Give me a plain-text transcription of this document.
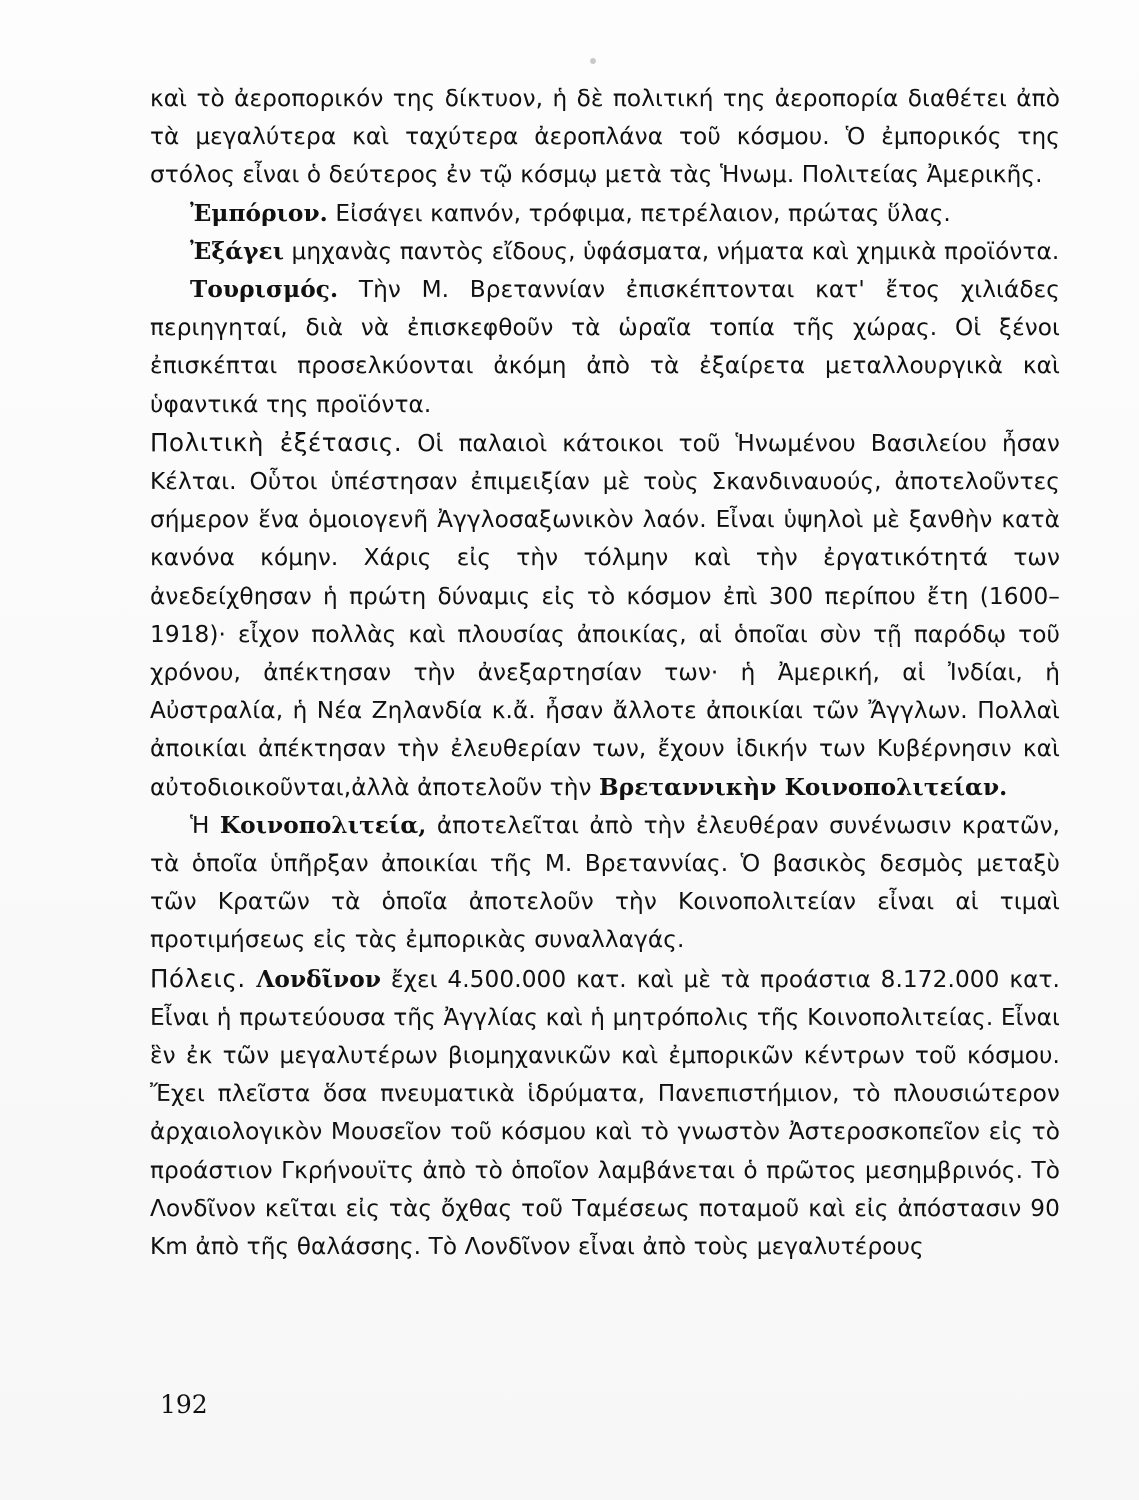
καὶ τὸ ἀεροπορικόν της δίκτυον, ἡ δὲ πολιτική της ἀεροπορία διαθέτει ἀπὸ τὰ μεγαλύτερα καὶ ταχύτερα ἀεροπλάνα τοῦ κόσμου. Ὁ ἐμπορικός της στόλος εἶναι ὁ δεύτερος ἐν τῷ κόσμῳ μετὰ τὰς Ἡνωμ. Πολιτείας Ἀμερικῆς.

Ἐμπόριον. Εἰσάγει καπνόν, τρόφιμα, πετρέλαιον, πρώτας ὕλας.

Ἐξάγει μηχανὰς παντὸς εἴδους, ὑφάσματα, νήματα καὶ χημικὰ προϊόντα.

Τουρισμός. Τὴν Μ. Βρεταννίαν ἐπισκέπτονται κατ' ἔτος χιλιάδες περιηγηταί, διὰ νὰ ἐπισκεφθοῦν τὰ ὡραῖα τοπία τῆς χώρας. Οἱ ξένοι ἐπισκέπται προσελκύονται ἀκόμη ἀπὸ τὰ ἐξαίρετα μεταλλουργικὰ καὶ ὑφαντικά της προϊόντα.

Πολιτικὴ ἐξέτασις. Οἱ παλαιοὶ κάτοικοι τοῦ Ἡνωμένου Βασιλείου ἦσαν Κέλται. Οὗτοι ὑπέστησαν ἐπιμειξίαν μὲ τοὺς Σκανδιναυούς, ἀποτελοῦντες σήμερον ἕνα ὁμοιογενῆ Ἀγγλοσαξωνικὸν λαόν. Εἶναι ὑψηλοὶ μὲ ξανθὴν κατὰ κανόνα κόμην. Χάρις εἰς τὴν τόλμην καὶ τὴν ἐργατικότητά των ἀνεδείχθησαν ἡ πρώτη δύναμις εἰς τὸ κόσμον ἐπὶ 300 περίπου ἔτη (1600–1918)· εἶχον πολλὰς καὶ πλουσίας ἀποικίας, αἱ ὁποῖαι σὺν τῇ παρόδῳ τοῦ χρόνου, ἀπέκτησαν τὴν ἀνεξαρτησίαν των· ἡ Ἀμερική, αἱ Ἰνδίαι, ἡ Αὐστραλία, ἡ Νέα Ζηλανδία κ.ἄ. ἦσαν ἄλλοτε ἀποικίαι τῶν Ἄγγλων. Πολλαὶ ἀποικίαι ἀπέκτησαν τὴν ἐλευθερίαν των, ἔχουν ἰδικήν των Κυβέρνησιν καὶ αὐτοδιοικοῦνται,ἀλλὰ ἀποτελοῦν τὴν Βρεταννικὴν Κοινοπολιτείαν.

Ἡ Κοινοπολιτεία, ἀποτελεῖται ἀπὸ τὴν ἐλευθέραν συνένωσιν κρατῶν, τὰ ὁποῖα ὑπῆρξαν ἀποικίαι τῆς Μ. Βρεταννίας. Ὁ βασικὸς δεσμὸς μεταξὺ τῶν Κρατῶν τὰ ὁποῖα ἀποτελοῦν τὴν Κοινοπολιτείαν εἶναι αἱ τιμαὶ προτιμήσεως εἰς τὰς ἐμπορικὰς συναλλαγάς.

Πόλεις. Λονδῖνον ἔχει 4.500.000 κατ. καὶ μὲ τὰ προάστια 8.172.000 κατ. Εἶναι ἡ πρωτεύουσα τῆς Ἀγγλίας καὶ ἡ μητρόπολις τῆς Κοινοπολιτείας. Εἶναι ἓν ἐκ τῶν μεγαλυτέρων βιομηχανικῶν καὶ ἐμπορικῶν κέντρων τοῦ κόσμου. Ἔχει πλεῖστα ὅσα πνευματικὰ ἱδρύματα, Πανεπιστήμιον, τὸ πλουσιώτερον ἀρχαιολογικὸν Μουσεῖον τοῦ κόσμου καὶ τὸ γνωστὸν Ἀστεροσκοπεῖον εἰς τὸ προάστιον Γκρήνουϊτς ἀπὸ τὸ ὁποῖον λαμβάνεται ὁ πρῶτος μεσημβρινός. Τὸ Λονδῖνον κεῖται εἰς τὰς ὄχθας τοῦ Ταμέσεως ποταμοῦ καὶ εἰς ἀπόστασιν 90 Km ἀπὸ τῆς θαλάσσης. Τὸ Λονδῖνον εἶναι ἀπὸ τοὺς μεγαλυτέρους

192
